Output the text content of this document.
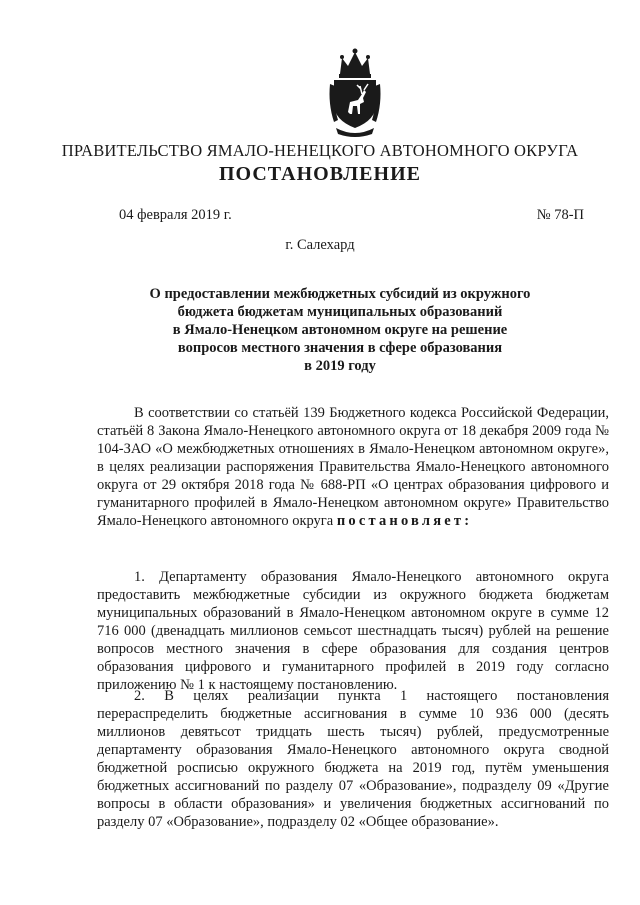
ПРАВИТЕЛЬСТВО ЯМАЛО-НЕНЕЦКОГО АВТОНОМНОГО ОКРУГА
ПОСТАНОВЛЕНИЕ
04 февраля 2019 г.	№ 78-П
г. Салехард
О предоставлении межбюджетных субсидий из окружного
бюджета бюджетам муниципальных образований
в Ямало-Ненецком автономном округе на решение
вопросов местного значения в сфере образования
в 2019 году

В соответствии со статьёй 139 Бюджетного кодекса Российской Федерации, статьёй 8 Закона Ямало-Ненецкого автономного округа от 18 декабря 2009 года № 104-ЗАО «О межбюджетных отношениях в Ямало-Ненецком автономном округе», в целях реализации распоряжения Правительства Ямало-Ненецкого автономного округа от 29 октября 2018 года № 688-РП «О центрах образования цифрового и гуманитарного профилей в Ямало-Ненецком автономном округе» Правительство Ямало-Ненецкого автономного округа постановляет:

1. Департаменту образования Ямало-Ненецкого автономного округа предоставить межбюджетные субсидии из окружного бюджета бюджетам муниципальных образований в Ямало-Ненецком автономном округе в сумме 12 716 000 (двенадцать миллионов семьсот шестнадцать тысяч) рублей на решение вопросов местного значения в сфере образования для создания центров образования цифрового и гуманитарного профилей в 2019 году согласно приложению № 1 к настоящему постановлению.

2. В целях реализации пункта 1 настоящего постановления перераспределить бюджетные ассигнования в сумме 10 936 000 (десять миллионов девятьсот тридцать шесть тысяч) рублей, предусмотренные департаменту образования Ямало-Ненецкого автономного округа сводной бюджетной росписью окружного бюджета на 2019 год, путём уменьшения бюджетных ассигнований по разделу 07 «Образование», подразделу 09 «Другие вопросы в области образования» и увеличения бюджетных ассигнований по разделу 07 «Образование», подразделу 02 «Общее образование».
